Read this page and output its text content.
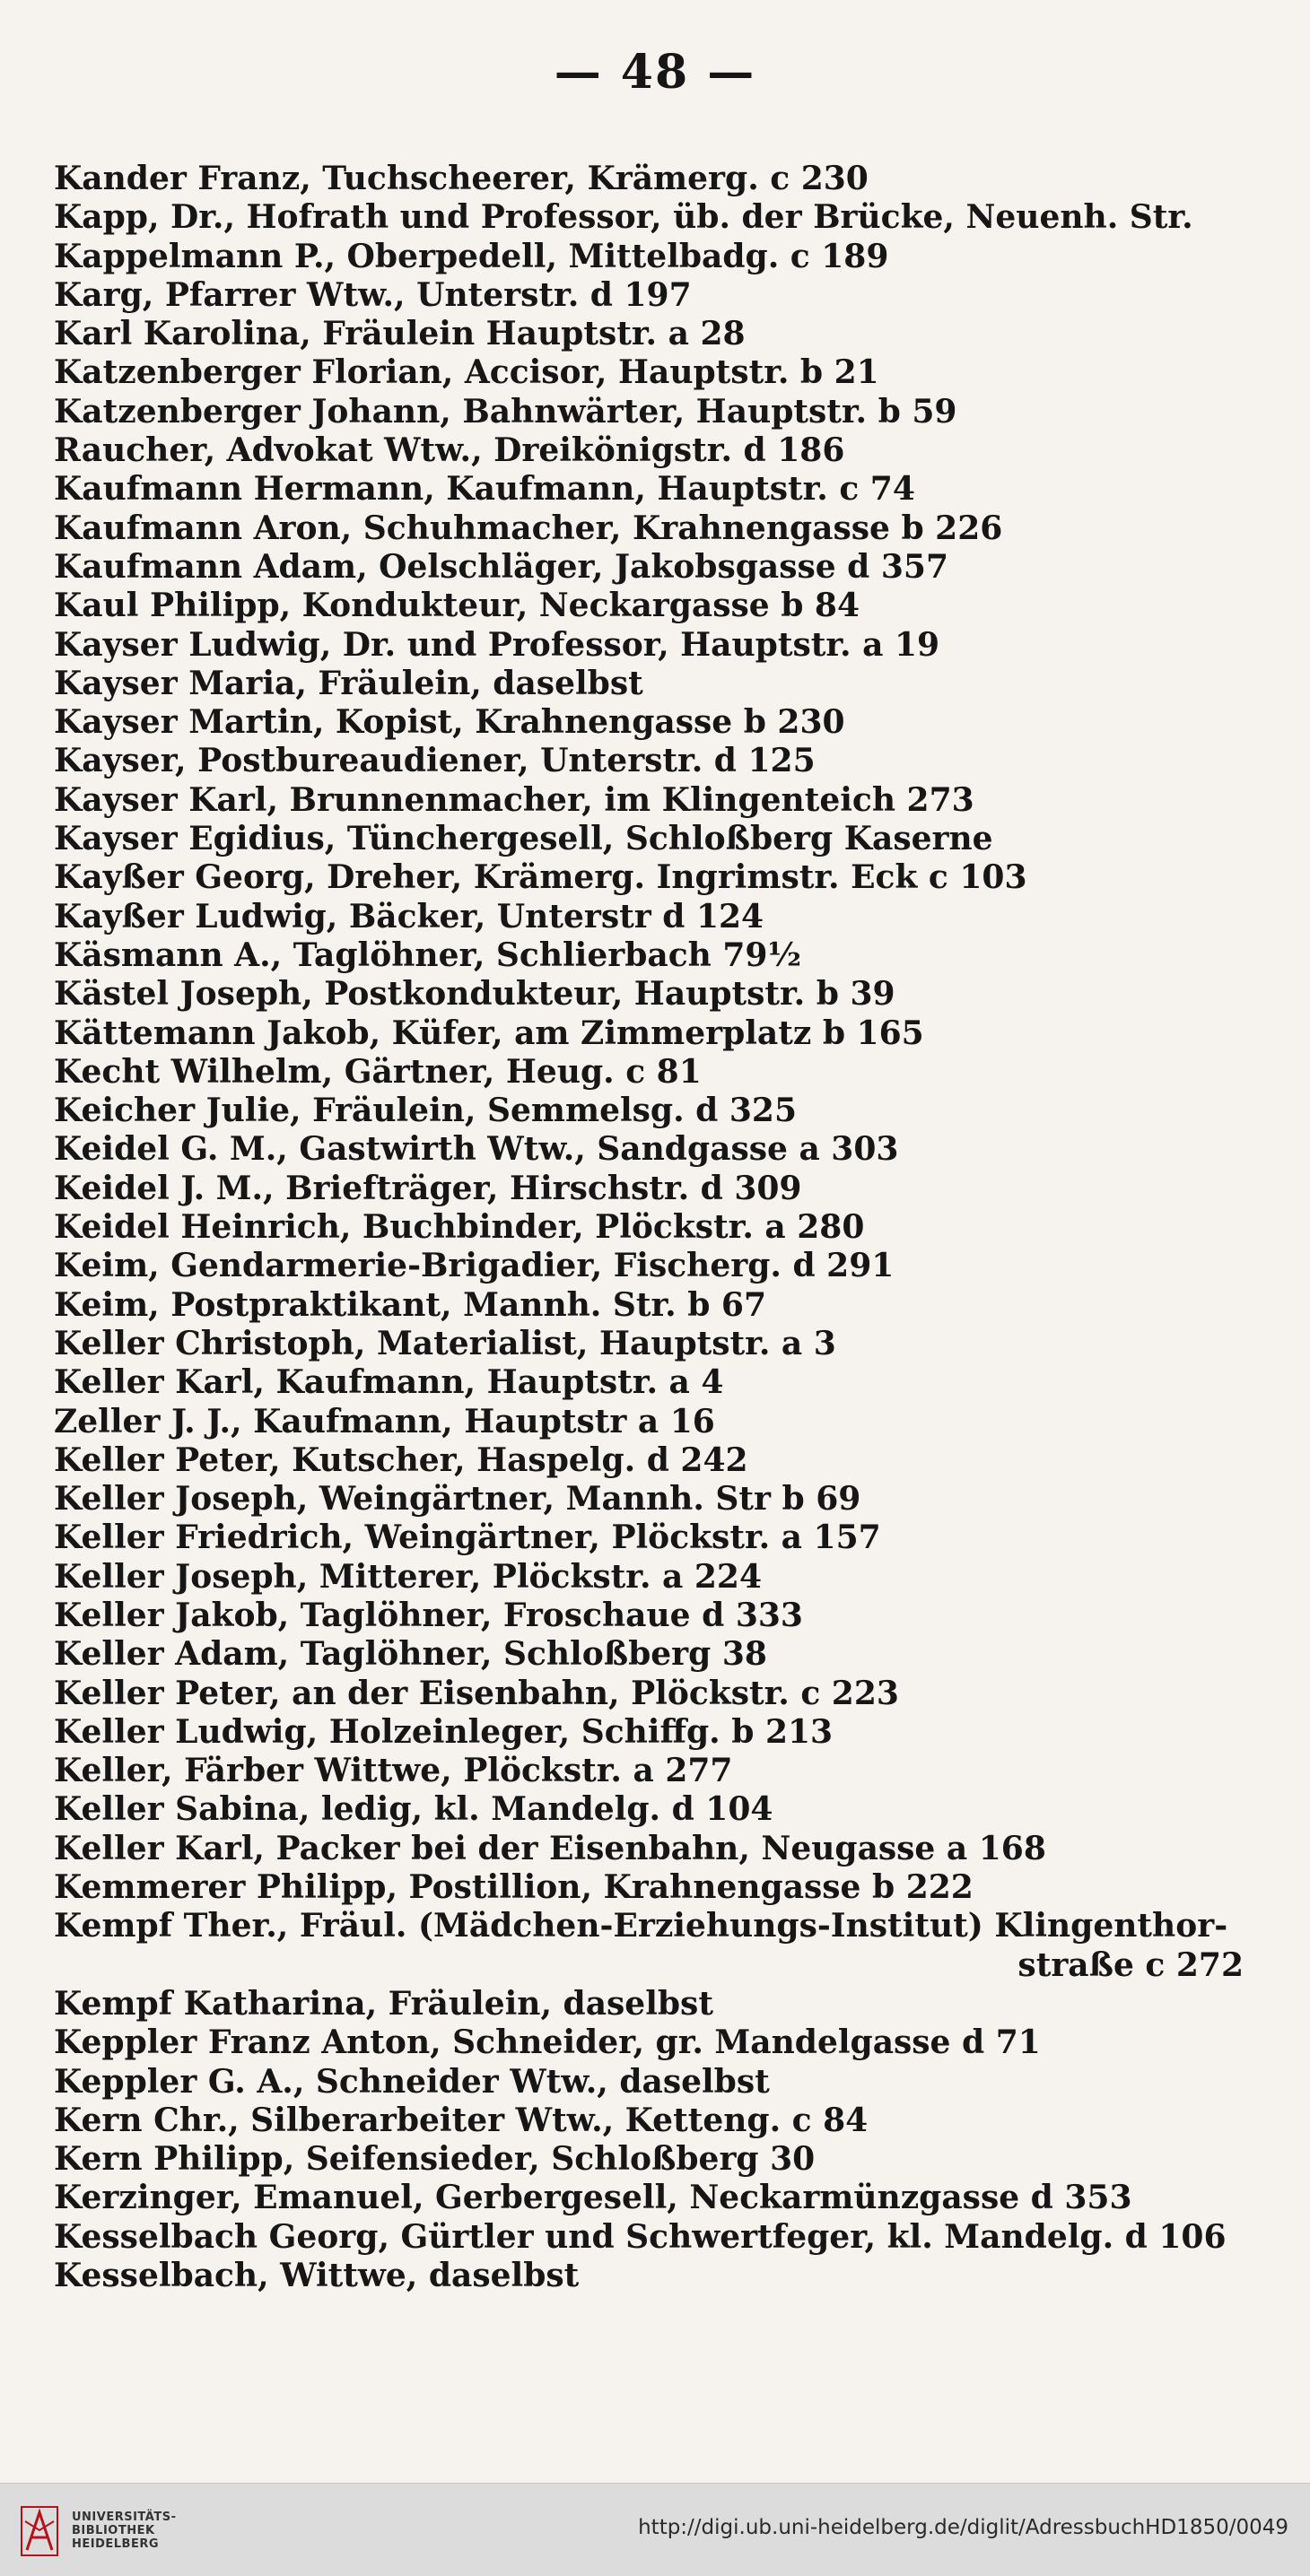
— 48 —
Kander Franz, Tuchscheerer, Krämerg. c 230
Kapp, Dr., Hofrath und Professor, üb. der Brücke, Neuenh. Str.
Kappelmann P., Oberpedell, Mittelbadg. c 189
Karg, Pfarrer Wtw., Unterstr. d 197
Karl Karolina, Fräulein Hauptstr. a 28
Katzenberger Florian, Accisor, Hauptstr. b 21
Katzenberger Johann, Bahnwärter, Hauptstr. b 59
Raucher, Advokat Wtw., Dreikönigstr. d 186
Kaufmann Hermann, Kaufmann, Hauptstr. c 74
Kaufmann Aron, Schuhmacher, Krahnengasse b 226
Kaufmann Adam, Oelschläger, Jakobsgasse d 357
Kaul Philipp, Kondukteur, Neckargasse b 84
Kayser Ludwig, Dr. und Professor, Hauptstr. a 19
Kayser Maria, Fräulein, daselbst
Kayser Martin, Kopist, Krahnengasse b 230
Kayser, Postbureaudiener, Unterstr. d 125
Kayser Karl, Brunnenmacher, im Klingenteich 273
Kayser Egidius, Tünchergesell, Schloßberg Kaserne
Kayßer Georg, Dreher, Krämerg. Ingrimstr. Eck c 103
Kayßer Ludwig, Bäcker, Unterstr d 124
Käsmann A., Taglöhner, Schlierbach 79½
Kästel Joseph, Postkondukteur, Hauptstr. b 39
Kättemann Jakob, Küfer, am Zimmerplatz b 165
Kecht Wilhelm, Gärtner, Heug. c 81
Keicher Julie, Fräulein, Semmelsg. d 325
Keidel G. M., Gastwirth Wtw., Sandgasse a 303
Keidel J. M., Briefträger, Hirschstr. d 309
Keidel Heinrich, Buchbinder, Plöckstr. a 280
Keim, Gendarmerie-Brigadier, Fischerg. d 291
Keim, Postpraktikant, Mannh. Str. b 67
Keller Christoph, Materialist, Hauptstr. a 3
Keller Karl, Kaufmann, Hauptstr. a 4
Zeller J. J., Kaufmann, Hauptstr a 16
Keller Peter, Kutscher, Haspelg. d 242
Keller Joseph, Weingärtner, Mannh. Str b 69
Keller Friedrich, Weingärtner, Plöckstr. a 157
Keller Joseph, Mitterer, Plöckstr. a 224
Keller Jakob, Taglöhner, Froschaue d 333
Keller Adam, Taglöhner, Schloßberg 38
Keller Peter, an der Eisenbahn, Plöckstr. c 223
Keller Ludwig, Holzeinleger, Schiffg. b 213
Keller, Färber Wittwe, Plöckstr. a 277
Keller Sabina, ledig, kl. Mandelg. d 104
Keller Karl, Packer bei der Eisenbahn, Neugasse a 168
Kemmerer Philipp, Postillion, Krahnengasse b 222
Kempf Ther., Fräul. (Mädchen-Erziehungs-Institut) Klingenthor-
straße c 272
Kempf Katharina, Fräulein, daselbst
Keppler Franz Anton, Schneider, gr. Mandelgasse d 71
Keppler G. A., Schneider Wtw., daselbst
Kern Chr., Silberarbeiter Wtw., Ketteng. c 84
Kern Philipp, Seifensieder, Schloßberg 30
Kerzinger, Emanuel, Gerbergesell, Neckarmünzgasse d 353
Kesselbach Georg, Gürtler und Schwertfeger, kl. Mandelg. d 106
Kesselbach, Wittwe, daselbst
UNIVERSITÄTS-
BIBLIOTHEK
HEIDELBERG
http://digi.ub.uni-heidelberg.de/diglit/AdressbuchHD1850/0049
